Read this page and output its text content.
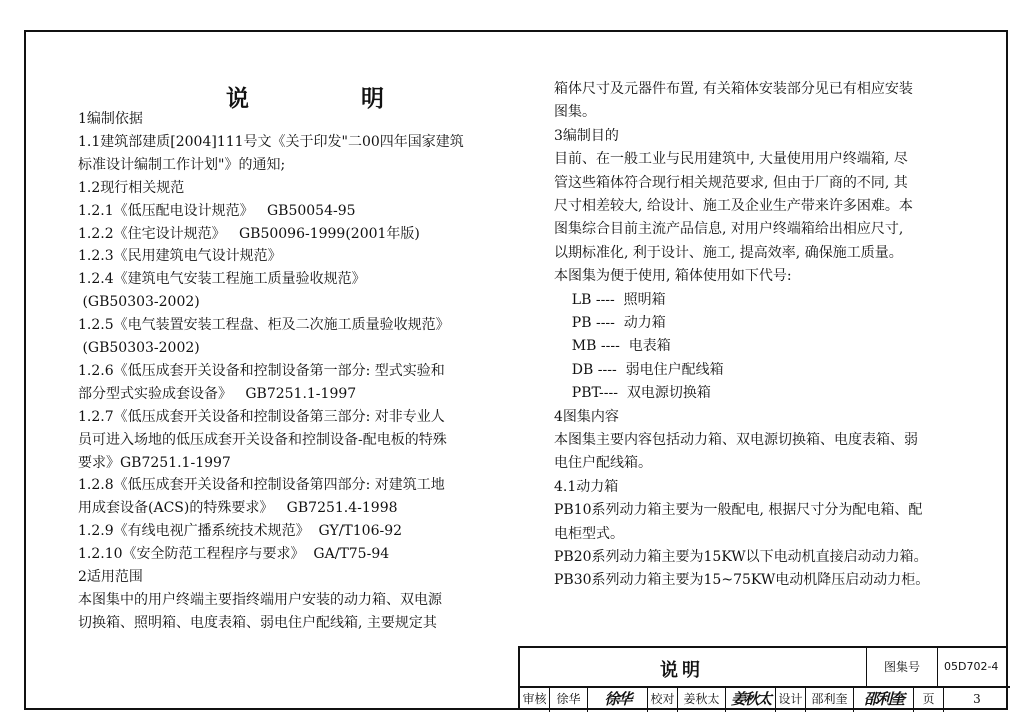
说 明
1编制依据
1.1建筑部建质[2004]111号文《关于印发"二00四年国家建筑
标准设计编制工作计划"》的通知;
1.2现行相关规范
1.2.1《低压配电设计规范》   GB50054-95
1.2.2《住宅设计规范》   GB50096-1999(2001年版)
1.2.3《民用建筑电气设计规范》
1.2.4《建筑电气安装工程施工质量验收规范》
(GB50303-2002)
1.2.5《电气装置安装工程盘、柜及二次施工质量验收规范》
(GB50303-2002)
1.2.6《低压成套开关设备和控制设备第一部分: 型式实验和
部分型式实验成套设备》   GB7251.1-1997
1.2.7《低压成套开关设备和控制设备第三部分: 对非专业人
员可进入场地的低压成套开关设备和控制设备-配电板的特殊
要求》GB7251.1-1997
1.2.8《低压成套开关设备和控制设备第四部分: 对建筑工地
用成套设备(ACS)的特殊要求》   GB7251.4-1998
1.2.9《有线电视广播系统技术规范》  GY/T106-92
1.2.10《安全防范工程程序与要求》  GA/T75-94
2适用范围
本图集中的用户终端主要指终端用户安装的动力箱、双电源
切换箱、照明箱、电度表箱、弱电住户配线箱, 主要规定其
箱体尺寸及元器件布置, 有关箱体安装部分见已有相应安装
图集。
3编制目的
目前、在一般工业与民用建筑中, 大量使用用户终端箱, 尽
管这些箱体符合现行相关规范要求, 但由于厂商的不同, 其
尺寸相差较大, 给设计、施工及企业生产带来许多困难。本
图集综合目前主流产品信息, 对用户终端箱给出相应尺寸,
以期标准化, 利于设计、施工, 提高效率, 确保施工质量。
本图集为便于使用, 箱体使用如下代号:
LB ----  照明箱
PB ----  动力箱
MB ----  电表箱
DB ----  弱电住户配线箱
PBT----  双电源切换箱
4图集内容
本图集主要内容包括动力箱、双电源切换箱、电度表箱、弱
电住户配线箱。
4.1动力箱
PB10系列动力箱主要为一般配电, 根据尺寸分为配电箱、配
电柜型式。
PB20系列动力箱主要为15KW以下电动机直接启动动力箱。
PB30系列动力箱主要为15~75KW电动机降压启动动力柜。
说明	图集号	05D702-4
审核 徐华	徐华	校对 姜秋太 姜秋太 设计 邵利奎	邵利奎	页	3
